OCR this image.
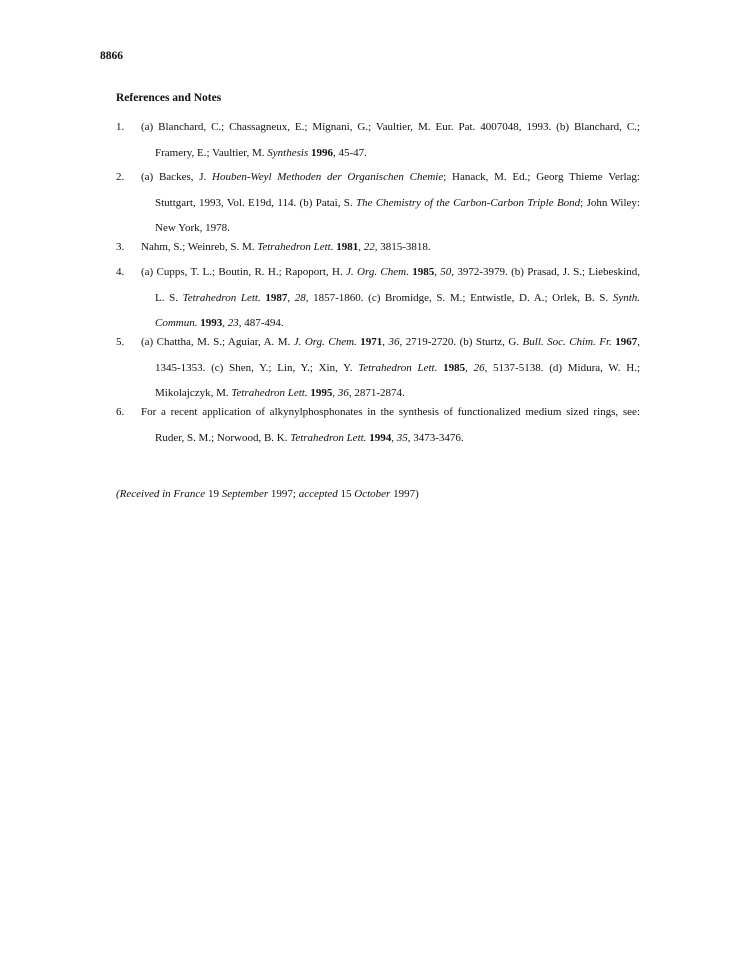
8866
References and Notes
1. (a) Blanchard, C.; Chassagneux, E.; Mignani, G.; Vaultier, M. Eur. Pat. 4007048, 1993. (b) Blanchard, C.; Framery, E.; Vaultier, M. Synthesis 1996, 45-47.
2. (a) Backes, J. Houben-Weyl Methoden der Organischen Chemie; Hanack, M. Ed.; Georg Thieme Verlag: Stuttgart, 1993, Vol. E19d, 114. (b) Patai, S. The Chemistry of the Carbon-Carbon Triple Bond; John Wiley: New York, 1978.
3. Nahm, S.; Weinreb, S. M. Tetrahedron Lett. 1981, 22, 3815-3818.
4. (a) Cupps, T. L.; Boutin, R. H.; Rapoport, H. J. Org. Chem. 1985, 50, 3972-3979. (b) Prasad, J. S.; Liebeskind, L. S. Tetrahedron Lett. 1987, 28, 1857-1860. (c) Bromidge, S. M.; Entwistle, D. A.; Orlek, B. S. Synth. Commun. 1993, 23, 487-494.
5. (a) Chattha, M. S.; Aguiar, A. M. J. Org. Chem. 1971, 36, 2719-2720. (b) Sturtz, G. Bull. Soc. Chim. Fr. 1967, 1345-1353. (c) Shen, Y.; Lin, Y.; Xin, Y. Tetrahedron Lett. 1985, 26, 5137-5138. (d) Midura, W. H.; Mikolajczyk, M. Tetrahedron Lett. 1995, 36, 2871-2874.
6. For a recent application of alkynylphosphonates in the synthesis of functionalized medium sized rings, see: Ruder, S. M.; Norwood, B. K. Tetrahedron Lett. 1994, 35, 3473-3476.
(Received in France 19 September 1997; accepted 15 October 1997)
